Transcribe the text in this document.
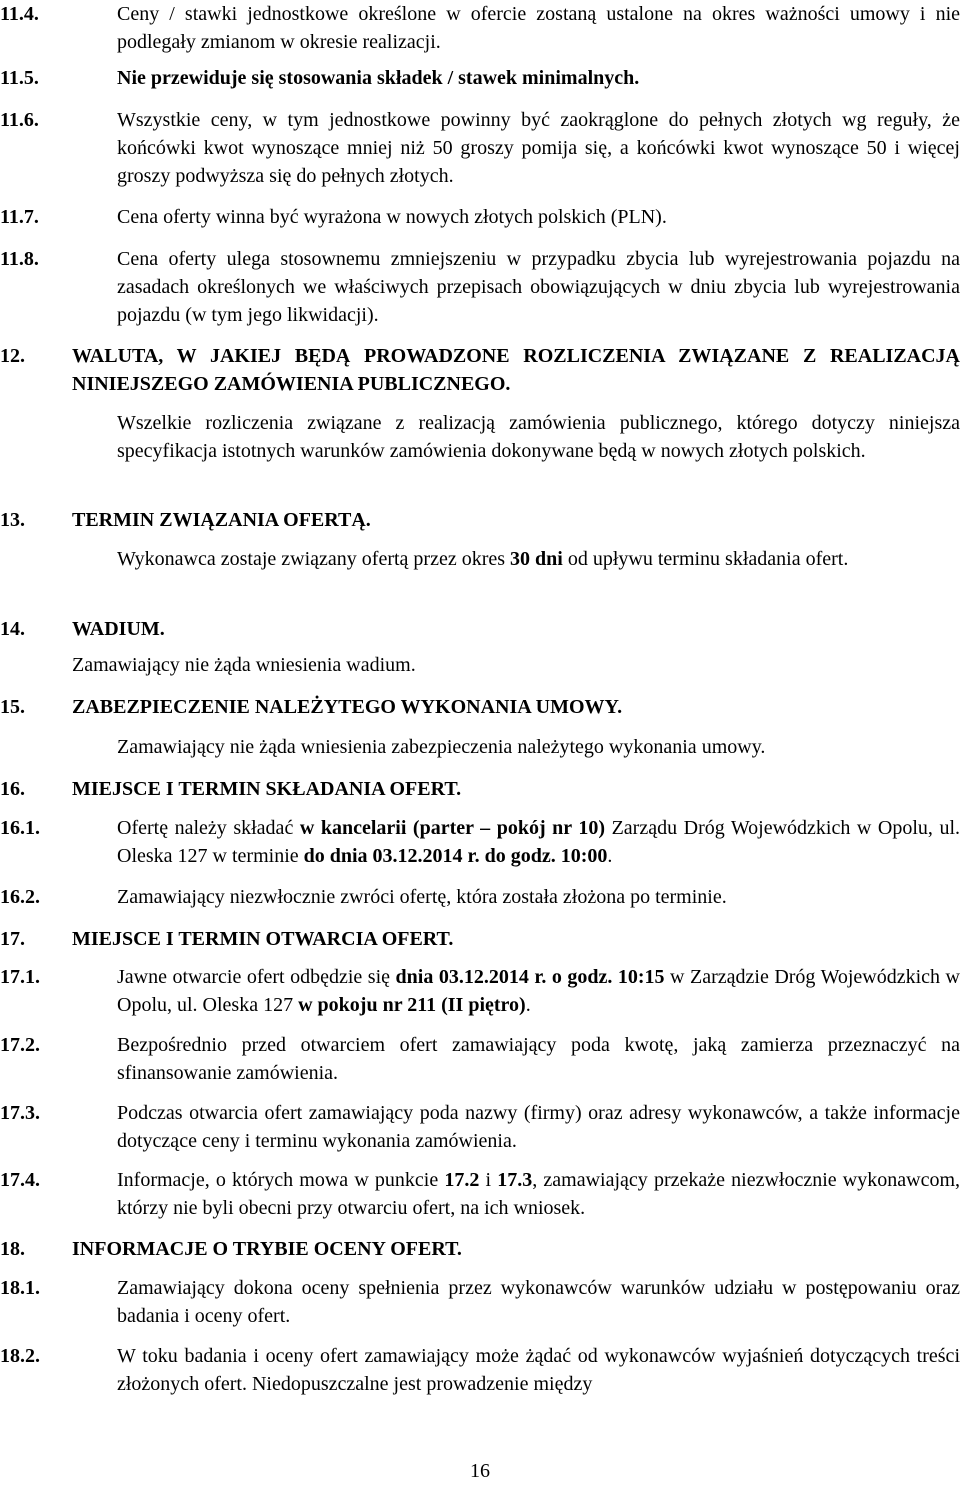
11.4.	Ceny / stawki jednostkowe określone w ofercie zostaną ustalone na okres ważności umowy i nie podlegały zmianom w okresie realizacji.
11.5.	Nie przewiduje się stosowania składek / stawek minimalnych.
11.6.	Wszystkie ceny, w tym jednostkowe powinny być zaokrąglone do pełnych złotych wg reguły, że końcówki kwot wynoszące mniej niż 50 groszy pomija się, a końcówki kwot wynoszące 50 i więcej groszy podwyższa się do pełnych złotych.
11.7.	Cena oferty winna być wyrażona w nowych złotych polskich (PLN).
11.8.	Cena oferty ulega stosownemu zmniejszeniu w przypadku zbycia lub wyrejestrowania pojazdu na zasadach określonych we właściwych przepisach obowiązujących w dniu zbycia lub wyrejestrowania pojazdu (w tym jego likwidacji).
12. WALUTA, W JAKIEJ BĘDĄ PROWADZONE ROZLICZENIA ZWIĄZANE Z REALIZACJĄ NINIEJSZEGO ZAMÓWIENIA PUBLICZNEGO.
Wszelkie rozliczenia związane z realizacją zamówienia publicznego, którego dotyczy niniejsza specyfikacja istotnych warunków zamówienia dokonywane będą w nowych złotych polskich.
13. TERMIN ZWIĄZANIA OFERTĄ.
Wykonawca zostaje związany ofertą przez okres 30 dni od upływu terminu składania ofert.
14. WADIUM.
Zamawiający nie żąda wniesienia wadium.
15. ZABEZPIECZENIE NALEŻYTEGO WYKONANIA UMOWY.
Zamawiający nie żąda wniesienia zabezpieczenia należytego wykonania umowy.
16. MIEJSCE I TERMIN SKŁADANIA OFERT.
16.1.	Ofertę należy składać w kancelarii (parter – pokój nr 10) Zarządu Dróg Wojewódzkich w Opolu, ul. Oleska 127 w terminie do dnia 03.12.2014 r. do godz. 10:00.
16.2.	Zamawiający niezwłocznie zwróci ofertę, która została złożona po terminie.
17. MIEJSCE I TERMIN OTWARCIA OFERT.
17.1.	Jawne otwarcie ofert odbędzie się dnia 03.12.2014 r. o godz. 10:15 w Zarządzie Dróg Wojewódzkich w Opolu, ul. Oleska 127 w pokoju nr 211 (II piętro).
17.2.	Bezpośrednio przed otwarciem ofert zamawiający poda kwotę, jaką zamierza przeznaczyć na sfinansowanie zamówienia.
17.3.	Podczas otwarcia ofert zamawiający poda nazwy (firmy) oraz adresy wykonawców, a także informacje dotyczące ceny i terminu wykonania zamówienia.
17.4.	Informacje, o których mowa w punkcie 17.2 i 17.3, zamawiający przekaże niezwłocznie wykonawcom, którzy nie byli obecni przy otwarciu ofert, na ich wniosek.
18. INFORMACJE O TRYBIE OCENY OFERT.
18.1.	Zamawiający dokona oceny spełnienia przez wykonawców warunków udziału w postępowaniu oraz badania i oceny ofert.
18.2.	W toku badania i oceny ofert zamawiający może żądać od wykonawców wyjaśnień dotyczących treści złożonych ofert. Niedopuszczalne jest prowadzenie między
16
